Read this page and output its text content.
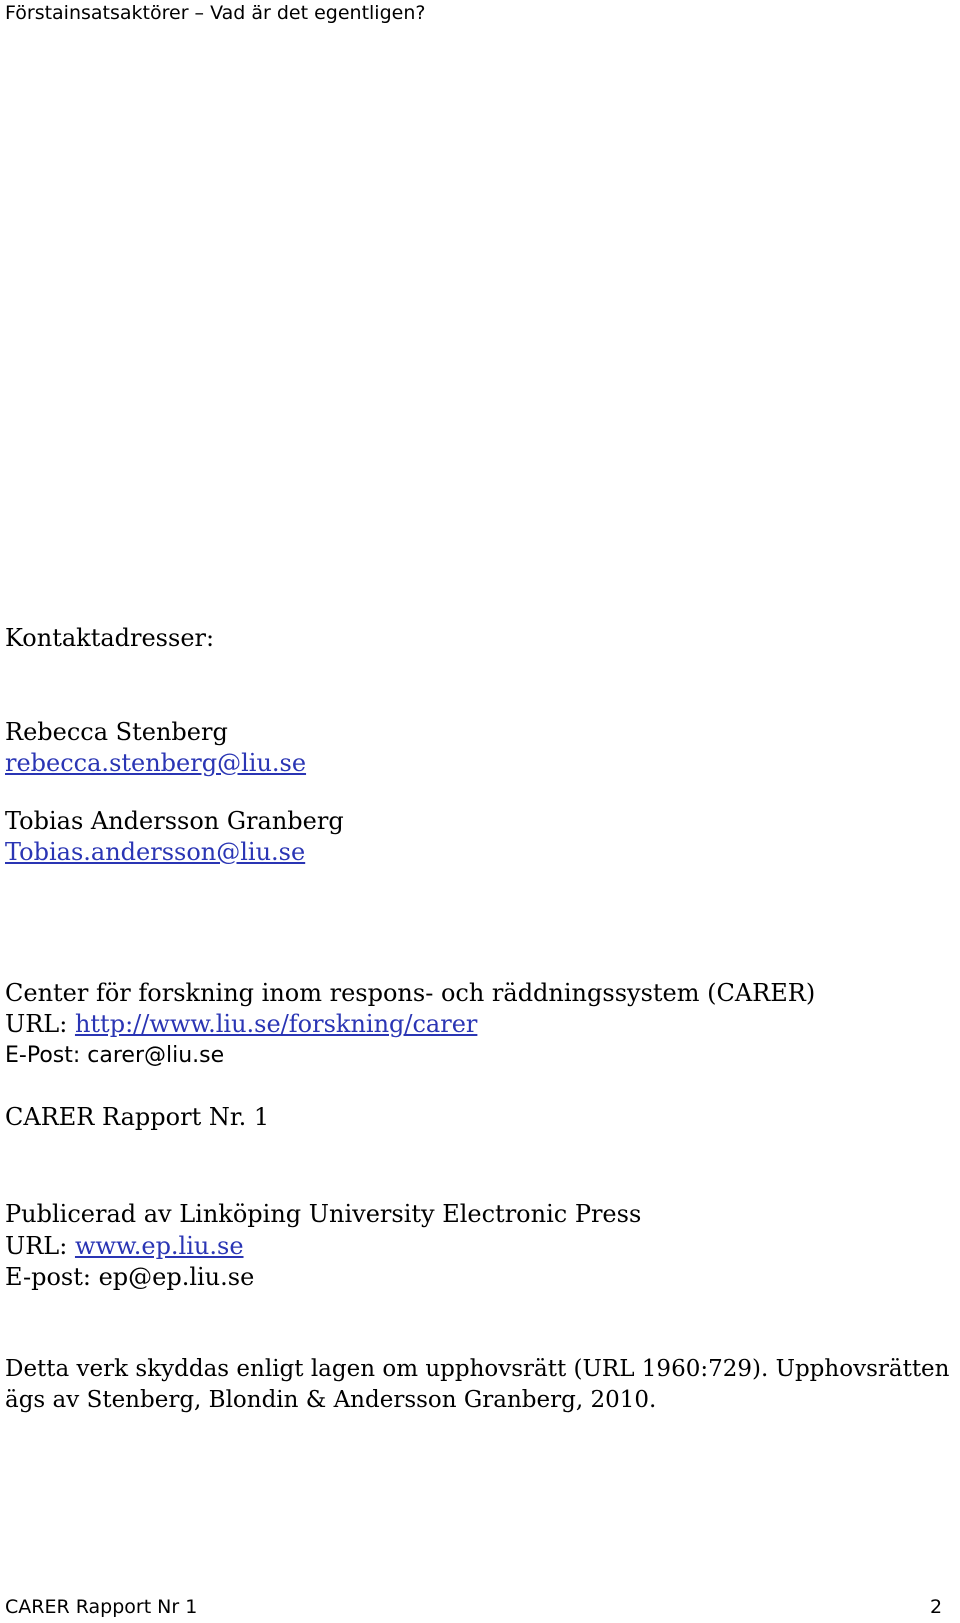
Förstainsatsaktörer – Vad är det egentligen?
Kontaktadresser:
Rebecca Stenberg
rebecca.stenberg@liu.se
Tobias Andersson Granberg
Tobias.andersson@liu.se
Center för forskning inom respons- och räddningssystem (CARER)
URL: http://www.liu.se/forskning/carer
E-Post: carer@liu.se
CARER Rapport Nr. 1
Publicerad av Linköping University Electronic Press
URL: www.ep.liu.se
E-post: ep@ep.liu.se
Detta verk skyddas enligt lagen om upphovsrätt (URL 1960:729). Upphovsrätten
ägs av Stenberg, Blondin & Andersson Granberg, 2010.
CARER Rapport Nr 1	2
